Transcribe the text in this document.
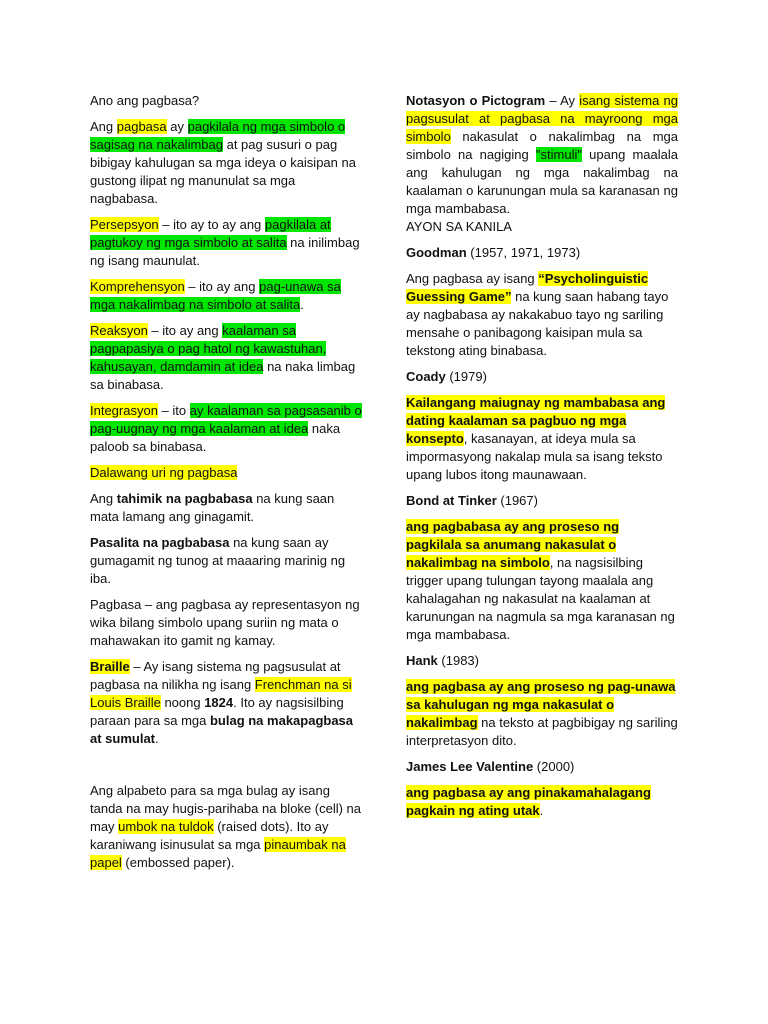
Ano ang pagbasa?

Ang pagbasa ay pagkilala ng mga simbolo o sagisag na nakalimbag at pag susuri o pag bibigay kahulugan sa mga ideya o kaisipan na gustong ilipat ng manunulat sa mga nagbabasa.

Persepsyon – ito ay to ay ang pagkilala at pagtukoy ng mga simbolo at salita na inilimbag ng isang maunulat.

Komprehensyon – ito ay ang pag-unawa sa mga nakalimbag na simbolo at salita.

Reaksyon – ito ay ang kaalaman sa pagpapasiya o pag hatol ng kawastuhan, kahusayan, damdamin at idea na naka limbag sa binabasa.

Integrasyon – ito ay kaalaman sa pagsasanib o pag-uugnay ng mga kaalaman at idea naka paloob sa binabasa.

Dalawang uri ng pagbasa

Ang tahimik na pagbabasa na kung saan mata lamang ang ginagamit.

Pasalita na pagbabasa na kung saan ay gumagamit ng tunog at maaaring marinig ng iba.

Pagbasa – ang pagbasa ay representasyon ng wika bilang simbolo upang suriin ng mata o mahawakan ito gamit ng kamay.

Braille – Ay isang sistema ng pagsusulat at pagbasa na nilikha ng isang Frenchman na si Louis Braille noong 1824. Ito ay nagsisilbing paraan para sa mga bulag na makapagbasa at sumulat.

Ang alpabeto para sa mga bulag ay isang tanda na may hugis-parihaba na bloke (cell) na may umbok na tuldok (raised dots). Ito ay karaniwang isinusulat sa mga pinaumbak na papel (embossed paper).

Notasyon o Pictogram – Ay isang sistema ng pagsusulat at pagbasa na mayroong mga simbolo nakasulat o nakalimbag na mga simbolo na nagiging "stimuli" upang maalala ang kahulugan ng mga nakalimbag na kaalaman o karunungan mula sa karanasan ng mga mambabasa.

AYON SA KANILA

Goodman (1957, 1971, 1973)

Ang pagbasa ay isang “Psycholinguistic Guessing Game” na kung saan habang tayo ay nagbabasa ay nakakabuo tayo ng sariling mensahe o panibagong kaisipan mula sa tekstong ating binabasa.

Coady (1979)

Kailangang maiugnay ng mambabasa ang dating kaalaman sa pagbuo ng mga konsepto, kasanayan, at ideya mula sa impormasyong nakalap mula sa isang teksto upang lubos itong maunawaan.

Bond at Tinker (1967)

ang pagbabasa ay ang proseso ng pagkilala sa anumang nakasulat o nakalimbag na simbolo, na nagsisilbing trigger upang tulungan tayong maalala ang kahalagahan ng nakasulat na kaalaman at karunungan na nagmula sa mga karanasan ng mga mambabasa.

Hank (1983)

ang pagbasa ay ang proseso ng pag-unawa sa kahulugan ng mga nakasulat o nakalimbag na teksto at pagbibigay ng sariling interpretasyon dito.

James Lee Valentine (2000)

ang pagbasa ay ang pinakamahalagang pagkain ng ating utak.
